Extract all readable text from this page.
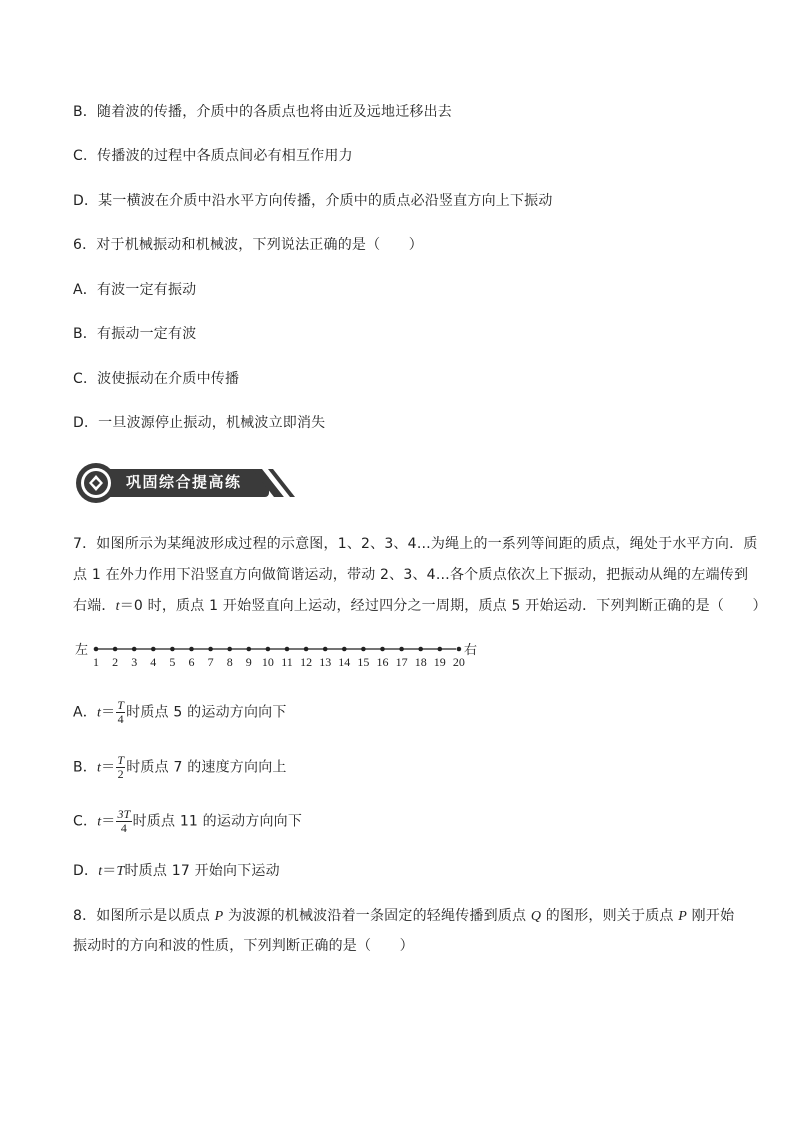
B．随着波的传播，介质中的各质点也将由近及远地迁移出去
C．传播波的过程中各质点间必有相互作用力
D．某一横波在介质中沿水平方向传播，介质中的质点必沿竖直方向上下振动
6．对于机械振动和机械波，下列说法正确的是（　　）
A．有波一定有振动
B．有振动一定有波
C．波使振动在介质中传播
D．一旦波源停止振动，机械波立即消失
巩固综合提高练
7．如图所示为某绳波形成过程的示意图，1、2、3、4…为绳上的一系列等间距的质点，绳处于水平方向．质
点 1 在外力作用下沿竖直方向做简谐运动，带动 2、3、4…各个质点依次上下振动，把振动从绳的左端传到
右端．t＝0 时，质点 1 开始竖直向上运动，经过四分之一周期，质点 5 开始运动．下列判断正确的是（　　）
左
1 2 3 4 5 6 7 8 9 10 11 12 13 14 15 16 17 18 19 20
右
A．$t= \frac{T}{4}$ 时质点 5 的运动方向向下
B．$t= \frac{T}{2}$ 时质点 7 的速度方向向上
C．$t= \frac{3T}{4}$ 时质点 11 的运动方向向下
D．t＝T时质点 17 开始向下运动
8．如图所示是以质点 P 为波源的机械波沿着一条固定的轻绳传播到质点 Q 的图形，则关于质点 P 刚开始
振动时的方向和波的性质，下列判断正确的是（　　）
